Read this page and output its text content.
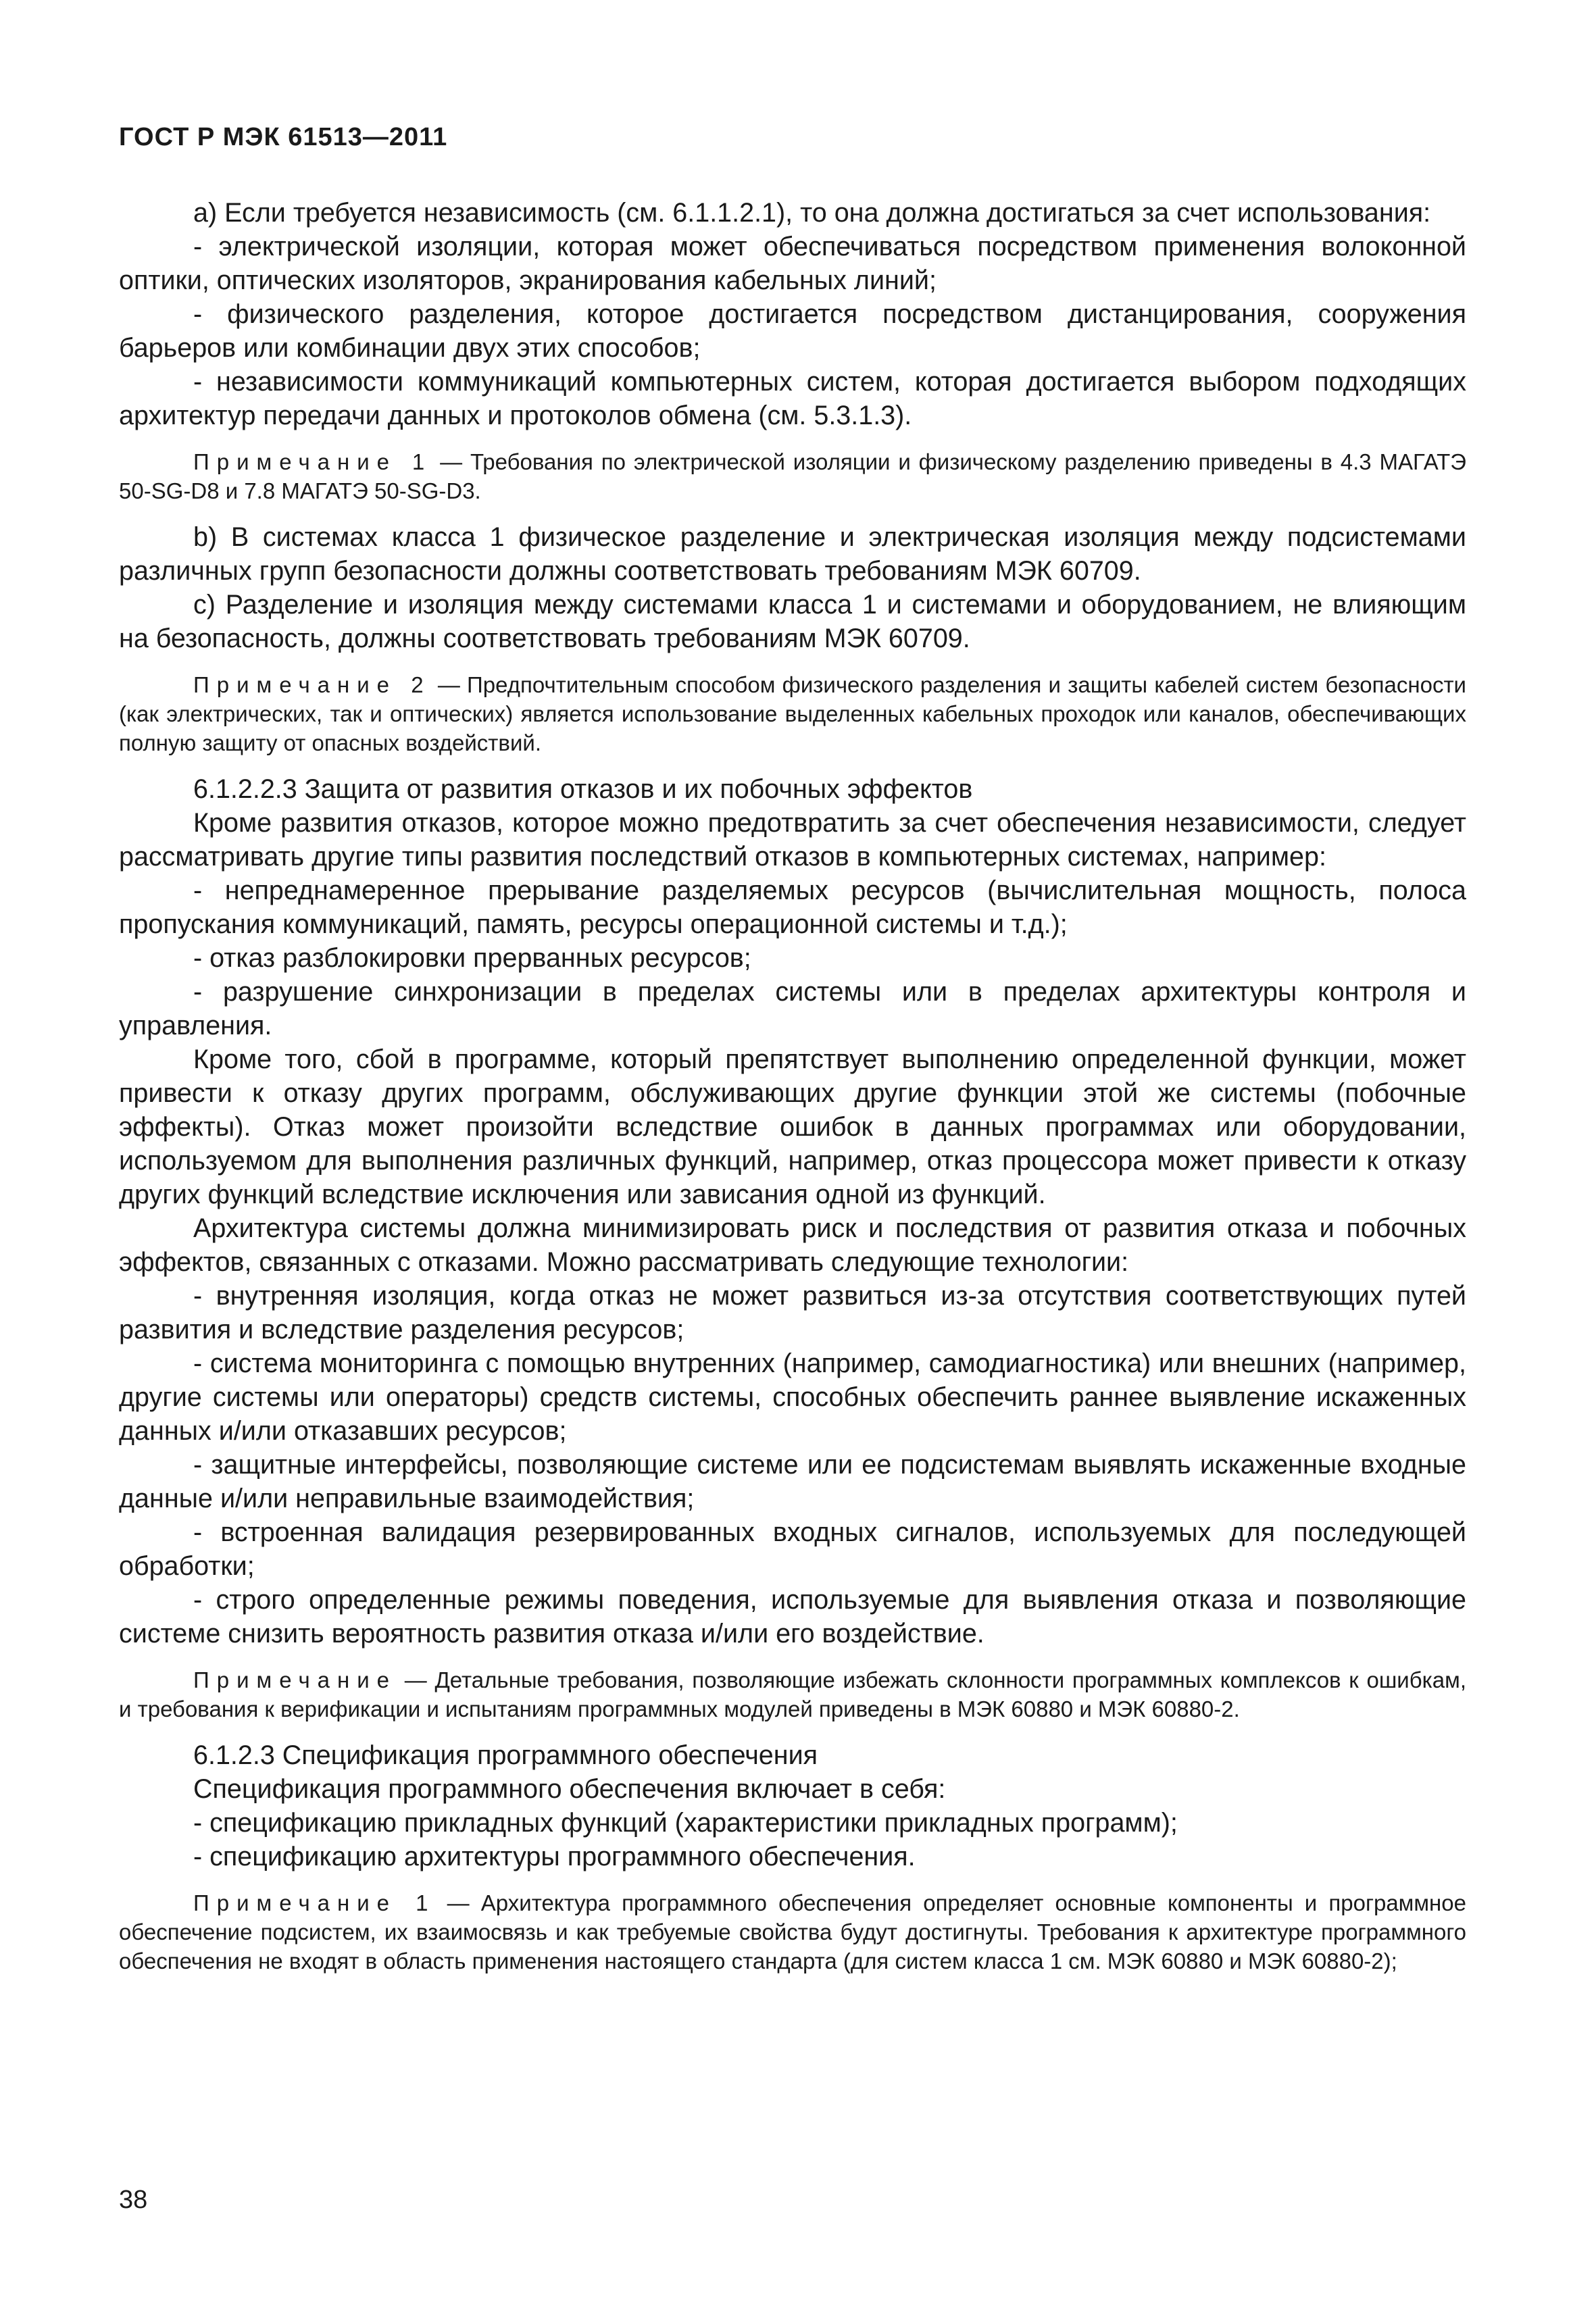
ГОСТ Р МЭК 61513—2011

а) Если требуется независимость (см. 6.1.1.2.1), то она должна достигаться за счет использования:

- электрической изоляции, которая может обеспечиваться посредством применения волоконной оптики, оптических изоляторов, экранирования кабельных линий;

- физического разделения, которое достигается посредством дистанцирования, сооружения барьеров или комбинации двух этих способов;

- независимости коммуникаций компьютерных систем, которая достигается выбором подходящих архитектур передачи данных и протоколов обмена (см. 5.3.1.3).

Примечание 1 — Требования по электрической изоляции и физическому разделению приведены в 4.3 МАГАТЭ 50-SG-D8 и 7.8 МАГАТЭ 50-SG-D3.

b) В системах класса 1 физическое разделение и электрическая изоляция между подсистемами различных групп безопасности должны соответствовать требованиям МЭК 60709.

c) Разделение и изоляция между системами класса 1 и системами и оборудованием, не влияющим на безопасность, должны соответствовать требованиям МЭК 60709.

Примечание 2 — Предпочтительным способом физического разделения и защиты кабелей систем безопасности (как электрических, так и оптических) является использование выделенных кабельных проходок или каналов, обеспечивающих полную защиту от опасных воздействий.

6.1.2.2.3 Защита от развития отказов и их побочных эффектов

Кроме развития отказов, которое можно предотвратить за счет обеспечения независимости, следует рассматривать другие типы развития последствий отказов в компьютерных системах, например:

- непреднамеренное прерывание разделяемых ресурсов (вычислительная мощность, полоса пропускания коммуникаций, память, ресурсы операционной системы и т.д.);

- отказ разблокировки прерванных ресурсов;

- разрушение синхронизации в пределах системы или в пределах архитектуры контроля и управления.

Кроме того, сбой в программе, который препятствует выполнению определенной функции, может привести к отказу других программ, обслуживающих другие функции этой же системы (побочные эффекты). Отказ может произойти вследствие ошибок в данных программах или оборудовании, используемом для выполнения различных функций, например, отказ процессора может привести к отказу других функций вследствие исключения или зависания одной из функций.

Архитектура системы должна минимизировать риск и последствия от развития отказа и побочных эффектов, связанных с отказами. Можно рассматривать следующие технологии:

- внутренняя изоляция, когда отказ не может развиться из-за отсутствия соответствующих путей развития и вследствие разделения ресурсов;

- система мониторинга с помощью внутренних (например, самодиагностика) или внешних (например, другие системы или операторы) средств системы, способных обеспечить раннее выявление искаженных данных и/или отказавших ресурсов;

- защитные интерфейсы, позволяющие системе или ее подсистемам выявлять искаженные входные данные и/или неправильные взаимодействия;

- встроенная валидация резервированных входных сигналов, используемых для последующей обработки;

- строго определенные режимы поведения, используемые для выявления отказа и позволяющие системе снизить вероятность развития отказа и/или его воздействие.

Примечание — Детальные требования, позволяющие избежать склонности программных комплексов к ошибкам, и требования к верификации и испытаниям программных модулей приведены в МЭК 60880 и МЭК 60880-2.

6.1.2.3 Спецификация программного обеспечения

Спецификация программного обеспечения включает в себя:

- спецификацию прикладных функций (характеристики прикладных программ);

- спецификацию архитектуры программного обеспечения.

Примечание 1 — Архитектура программного обеспечения определяет основные компоненты и программное обеспечение подсистем, их взаимосвязь и как требуемые свойства будут достигнуты. Требования к архитектуре программного обеспечения не входят в область применения настоящего стандарта (для систем класса 1 см. МЭК 60880 и МЭК 60880-2);

38
